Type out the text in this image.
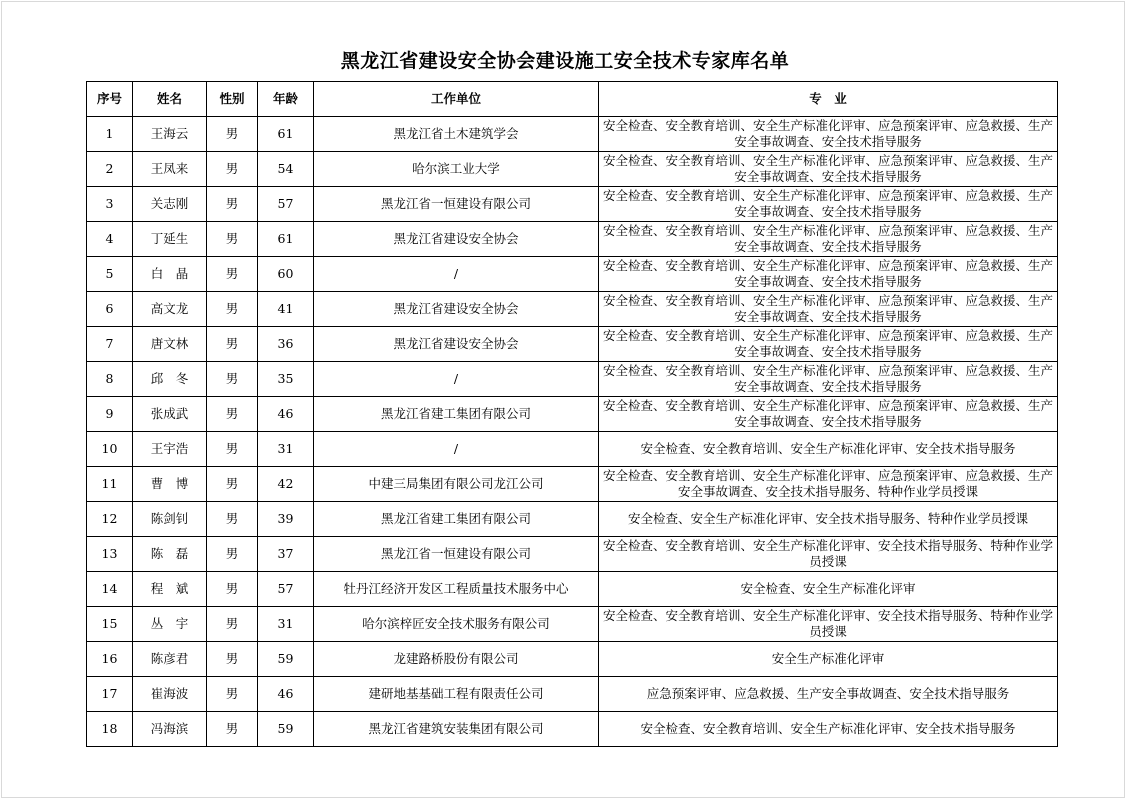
黑龙江省建设安全协会建设施工安全技术专家库名单
序号	姓名	性别	年龄	工作单位	专　业
1	王海云	男	61	黑龙江省土木建筑学会	安全检查、安全教育培训、安全生产标准化评审、应急预案评审、应急救援、生产安全事故调查、安全技术指导服务
2	王凤来	男	54	哈尔滨工业大学	安全检查、安全教育培训、安全生产标准化评审、应急预案评审、应急救援、生产安全事故调查、安全技术指导服务
3	关志刚	男	57	黑龙江省一恒建设有限公司	安全检查、安全教育培训、安全生产标准化评审、应急预案评审、应急救援、生产安全事故调查、安全技术指导服务
4	丁延生	男	61	黑龙江省建设安全协会	安全检查、安全教育培训、安全生产标准化评审、应急预案评审、应急救援、生产安全事故调查、安全技术指导服务
5	白　晶	男	60	/	安全检查、安全教育培训、安全生产标准化评审、应急预案评审、应急救援、生产安全事故调查、安全技术指导服务
6	高文龙	男	41	黑龙江省建设安全协会	安全检查、安全教育培训、安全生产标准化评审、应急预案评审、应急救援、生产安全事故调查、安全技术指导服务
7	唐文林	男	36	黑龙江省建设安全协会	安全检查、安全教育培训、安全生产标准化评审、应急预案评审、应急救援、生产安全事故调查、安全技术指导服务
8	邱　冬	男	35	/	安全检查、安全教育培训、安全生产标准化评审、应急预案评审、应急救援、生产安全事故调查、安全技术指导服务
9	张成武	男	46	黑龙江省建工集团有限公司	安全检查、安全教育培训、安全生产标准化评审、应急预案评审、应急救援、生产安全事故调查、安全技术指导服务
10	王宇浩	男	31	/	安全检查、安全教育培训、安全生产标准化评审、安全技术指导服务
11	曹　博	男	42	中建三局集团有限公司龙江公司	安全检查、安全教育培训、安全生产标准化评审、应急预案评审、应急救援、生产安全事故调查、安全技术指导服务、特种作业学员授课
12	陈剑钊	男	39	黑龙江省建工集团有限公司	安全检查、安全生产标准化评审、安全技术指导服务、特种作业学员授课
13	陈　磊	男	37	黑龙江省一恒建设有限公司	安全检查、安全教育培训、安全生产标准化评审、安全技术指导服务、特种作业学员授课
14	程　斌	男	57	牡丹江经济开发区工程质量技术服务中心	安全检查、安全生产标准化评审
15	丛　宇	男	31	哈尔滨梓匠安全技术服务有限公司	安全检查、安全教育培训、安全生产标准化评审、安全技术指导服务、特种作业学员授课
16	陈彦君	男	59	龙建路桥股份有限公司	安全生产标准化评审
17	崔海波	男	46	建研地基基础工程有限责任公司	应急预案评审、应急救援、生产安全事故调查、安全技术指导服务
18	冯海滨	男	59	黑龙江省建筑安装集团有限公司	安全检查、安全教育培训、安全生产标准化评审、安全技术指导服务
